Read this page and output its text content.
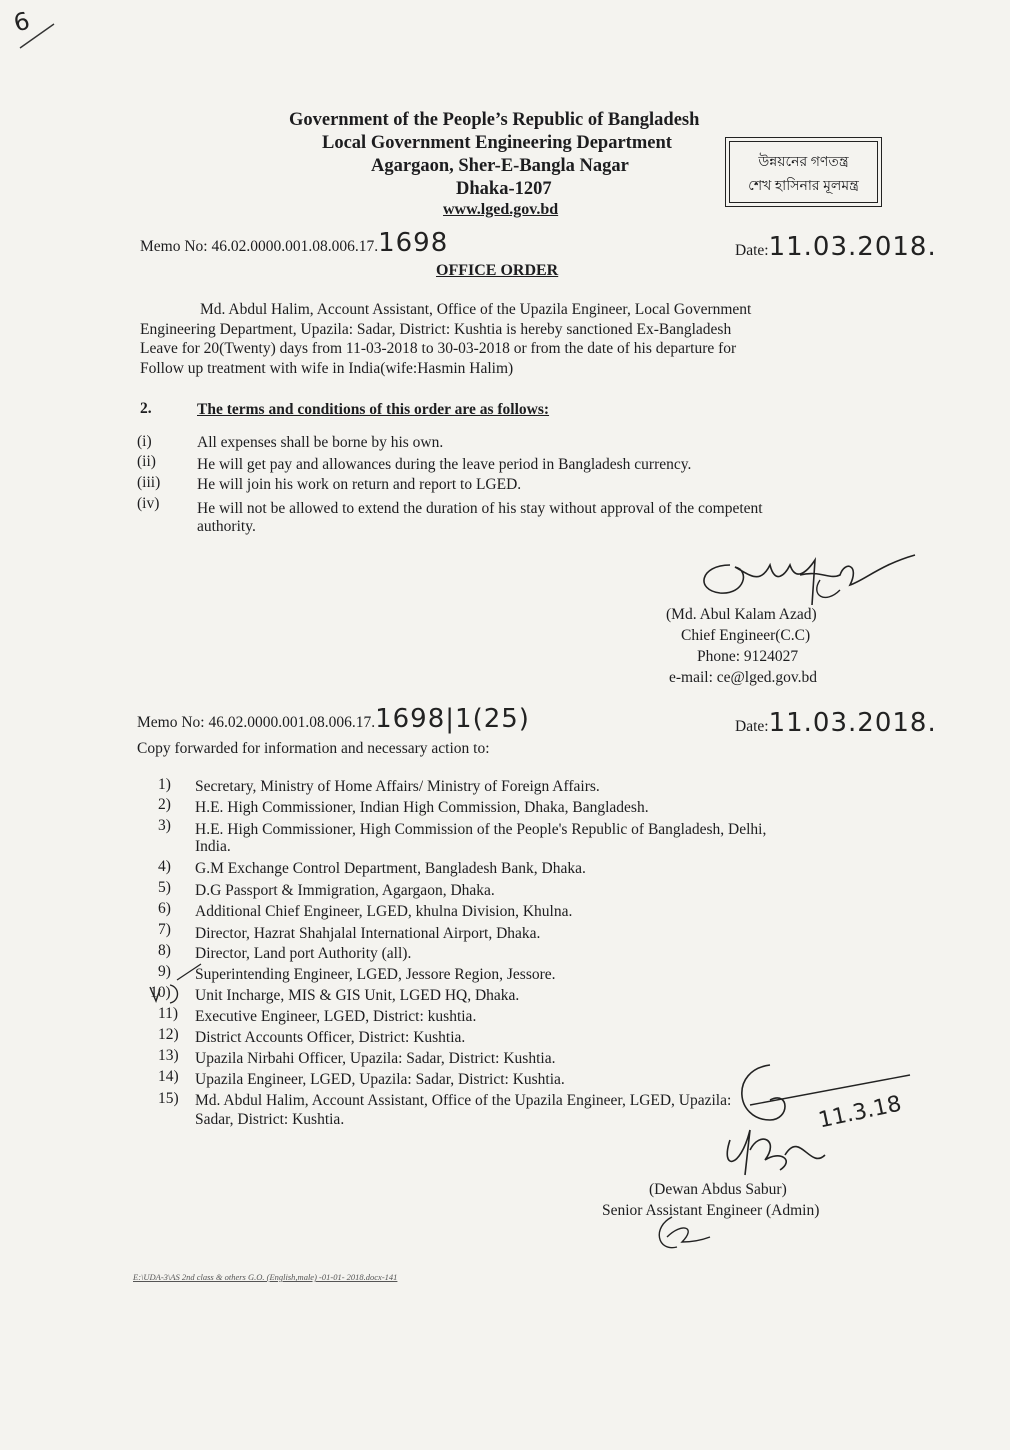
6
Government of the People’s Republic of Bangladesh
Local Government Engineering Department
Agargaon, Sher-E-Bangla Nagar
Dhaka-1207
www.lged.gov.bd
উন্নয়নের গণতন্ত্র
শেখ হাসিনার মূলমন্ত্র
Memo No: 46.02.0000.001.08.006.17.1698	Date:11.03.2018.
OFFICE ORDER
Md. Abdul Halim, Account Assistant, Office of the Upazila Engineer, Local Government
Engineering Department, Upazila: Sadar, District: Kushtia is hereby sanctioned Ex-Bangladesh
Leave for 20(Twenty) days from 11-03-2018 to 30-03-2018 or from the date of his departure for
Follow up treatment with wife in India(wife:Hasmin Halim)
2.	The terms and conditions of this order are as follows:
(i)	All expenses shall be borne by his own.
(ii)	He will get pay and allowances during the leave period in Bangladesh currency.
(iii) He will join his work on return and report to LGED.
(iv) He will not be allowed to extend the duration of his stay without approval of the competent
authority.
(Md. Abul Kalam Azad)
Chief Engineer(C.C)
Phone: 9124027
e-mail: ce@lged.gov.bd
Memo No: 46.02.0000.001.08.006.17.1698|1(25)	Date:11.03.2018.
Copy forwarded for information and necessary action to:
1) Secretary, Ministry of Home Affairs/ Ministry of Foreign Affairs.
2) H.E. High Commissioner, Indian High Commission, Dhaka, Bangladesh.
3) H.E. High Commissioner, High Commission of the People's Republic of Bangladesh, Delhi,
India.
4) G.M Exchange Control Department, Bangladesh Bank, Dhaka.
5) D.G Passport & Immigration, Agargaon, Dhaka.
6) Additional Chief Engineer, LGED, khulna Division, Khulna.
7) Director, Hazrat Shahjalal International Airport, Dhaka.
8) Director, Land port Authority (all).
9) Superintending Engineer, LGED, Jessore Region, Jessore.
10) Unit Incharge, MIS & GIS Unit, LGED HQ, Dhaka.
11) Executive Engineer, LGED, District: kushtia.
12) District Accounts Officer, District: Kushtia.
13) Upazila Nirbahi Officer, Upazila: Sadar, District: Kushtia.
14) Upazila Engineer, LGED, Upazila: Sadar, District: Kushtia.
15) Md. Abdul Halim, Account Assistant, Office of the Upazila Engineer, LGED, Upazila:
Sadar, District: Kushtia.	11.3.18
(Dewan Abdus Sabur)
Senior Assistant Engineer (Admin)
E:\UDA-3\AS 2nd class & others G.O. (English,male) -01-01- 2018.docx-141
